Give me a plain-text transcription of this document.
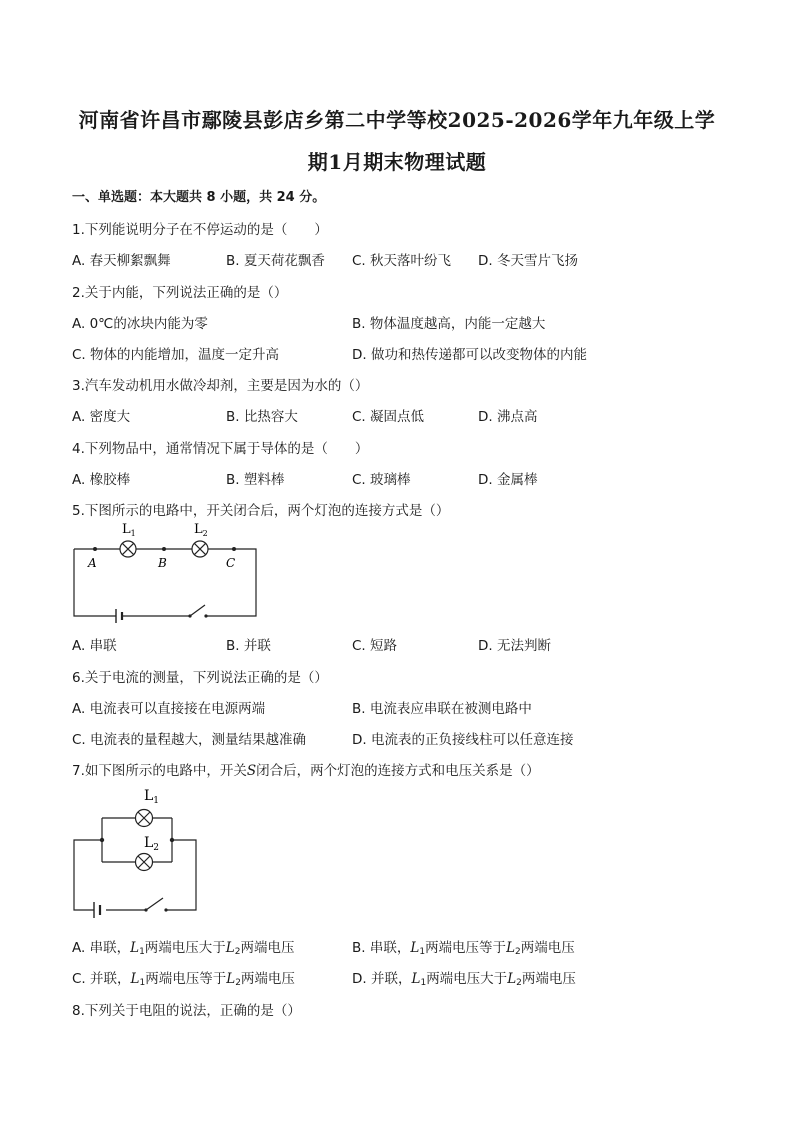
河南省许昌市鄢陵县彭店乡第二中学等校2025-2026学年九年级上学
期1月期末物理试题
一、单选题：本大题共 8 小题，共 24 分。
1.下列能说明分子在不停运动的是（　　）
A. 春天柳絮飘舞	B. 夏天荷花飘香 C. 秋天落叶纷飞 D. 冬天雪片飞扬
2.关于内能，下列说法正确的是（）
A. 0℃的冰块内能为零	B. 物体温度越高，内能一定越大
C. 物体的内能增加，温度一定升高	D. 做功和热传递都可以改变物体的内能
3.汽车发动机用水做冷却剂，主要是因为水的（）
A. 密度大	B. 比热容大	C. 凝固点低	D. 沸点高
4.下列物品中，通常情况下属于导体的是（　　）
A. 橡胶棒	B. 塑料棒	C. 玻璃棒	D. 金属棒
5.下图所示的电路中，开关闭合后，两个灯泡的连接方式是（）
$L_1$	$L_2$
A	B	C
A. 串联	B. 并联	C. 短路	D. 无法判断
6.关于电流的测量，下列说法正确的是（）
A. 电流表可以直接接在电源两端	B. 电流表应串联在被测电路中
C. 电流表的量程越大，测量结果越准确	D. 电流表的正负接线柱可以任意连接
7.如下图所示的电路中，开关S闭合后，两个灯泡的连接方式和电压关系是（）
$L_1$
$L_2$
A. 串联，$L_1$两端电压大于$L_2$两端电压	B. 串联，$L_1$两端电压等于$L_2$两端电压
C. 并联，$L_1$两端电压等于$L_2$两端电压	D. 并联，$L_1$两端电压大于$L_2$两端电压
8.下列关于电阻的说法，正确的是（）
